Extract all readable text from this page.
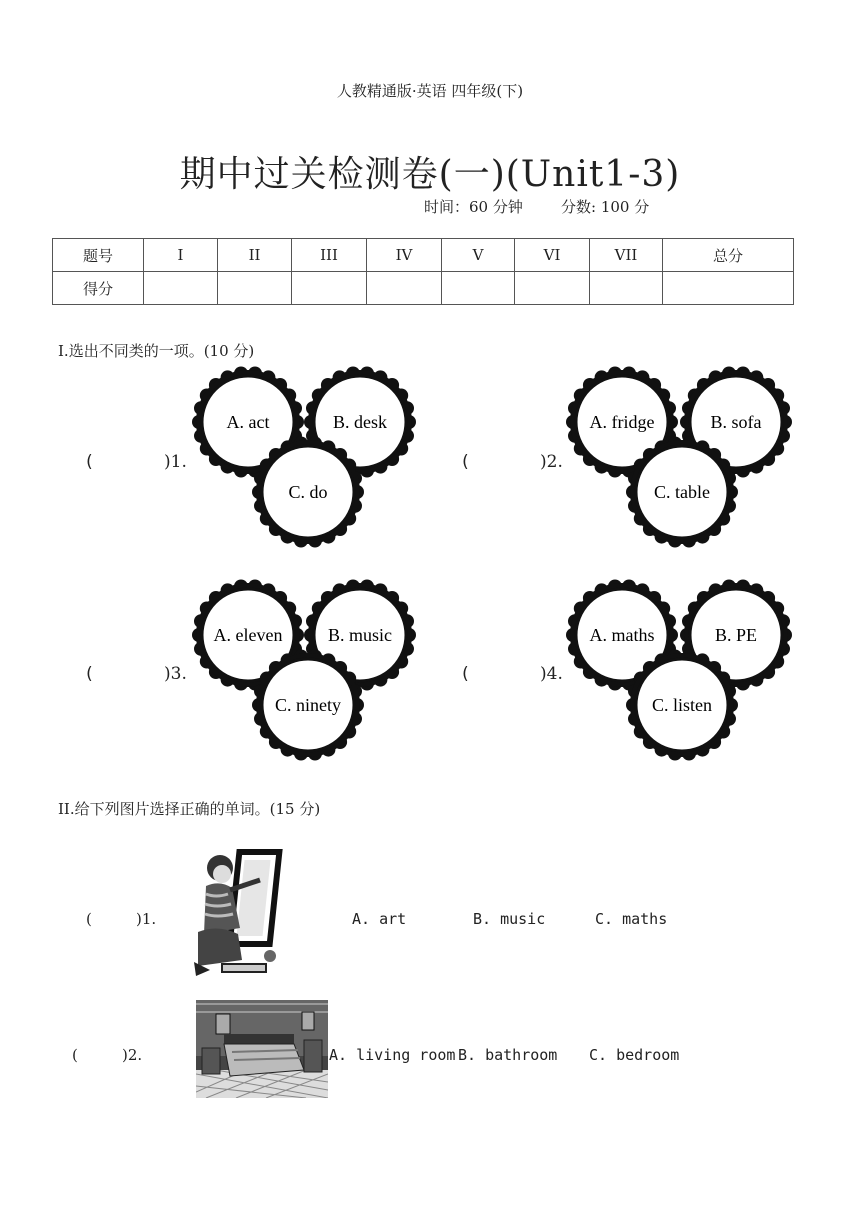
人教精通版·英语 四年级(下)
期中过关检测卷(一)(Unit1-3)
时间：60 分钟	分数: 100 分
题号	I	II	III	IV	V	VI	VII	总分
得分								
I.选出不同类的一项。(10 分)
(	)1.
A. act	B. desk
C. do
(	)2.
A. fridge	B. sofa
C. table
(	)3.
A. eleven	B. music
C. ninety
(	)4.
A. maths	B. PE
C. listen
II.给下列图片选择正确的单词。(15 分)
(	)1.	A. art	B. music	C. maths
(	)2.	A. living room B. bathroom C. bedroom
